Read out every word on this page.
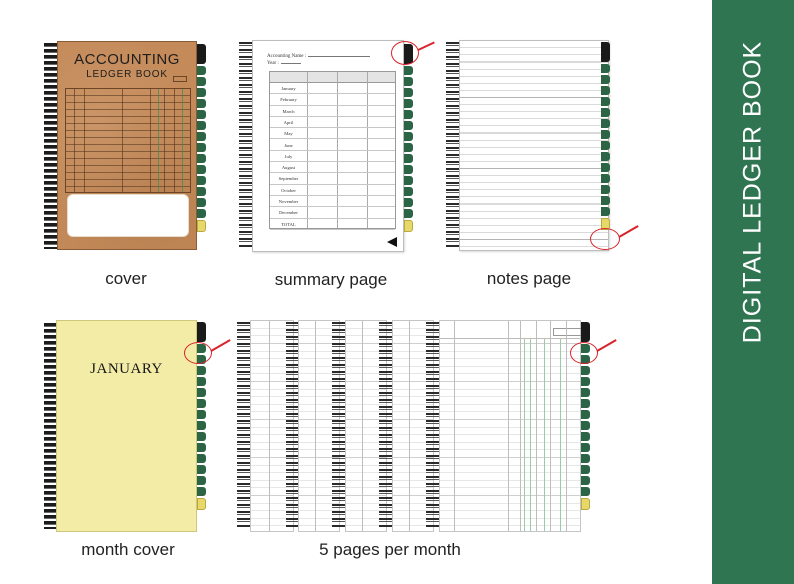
DIGITAL LEDGER BOOK
ACCOUNTING
LEDGER BOOK
cover
Accounting Name :
Year :
January
February
March
April
May
June
July
August
September
October
November
December
TOTAL
summary page	notes page
JANUARY
month cover	5 pages per month
